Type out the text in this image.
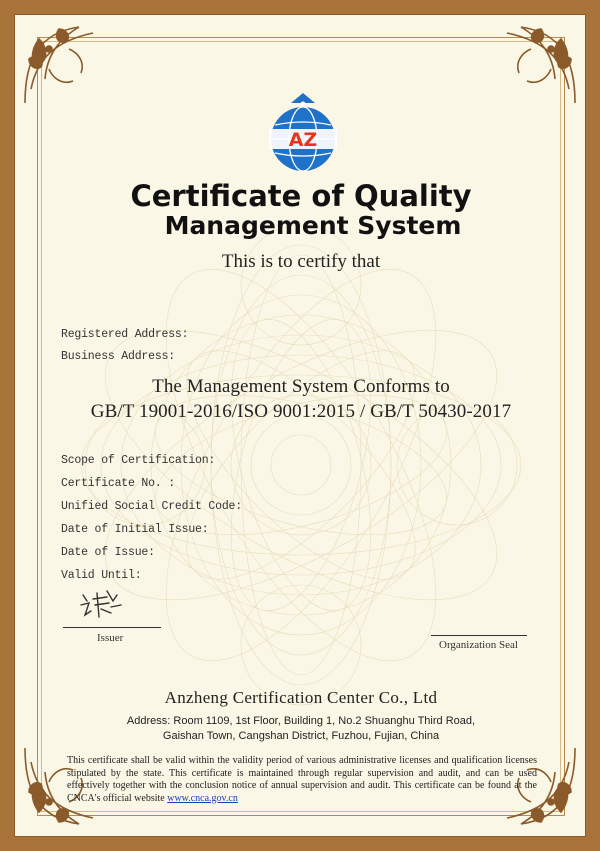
AZ
Certificate of Quality
Management System
This is to certify that
Registered Address:
Business Address:
The Management System Conforms to
GB/T 19001-2016/ISO 9001:2015 / GB/T 50430-2017
Scope of Certification:
Certificate No. :
Unified Social Credit Code:
Date of Initial Issue:
Date of Issue:
Valid Until:
Issuer
Organization Seal
Anzheng Certification Center Co., Ltd
Address: Room 1109, 1st Floor, Building 1, No.2 Shuanghu Third Road,
Gaishan Town, Cangshan District, Fuzhou, Fujian, China
This certificate shall be valid within the validity period of various administrative licenses and qualification licenses stipulated by the state. This certificate is maintained through regular supervision and audit, and can be used effectively together with the conclusion notice of annual supervision and audit. This certificate can be found at the CNCA's official website www.cnca.gov.cn
